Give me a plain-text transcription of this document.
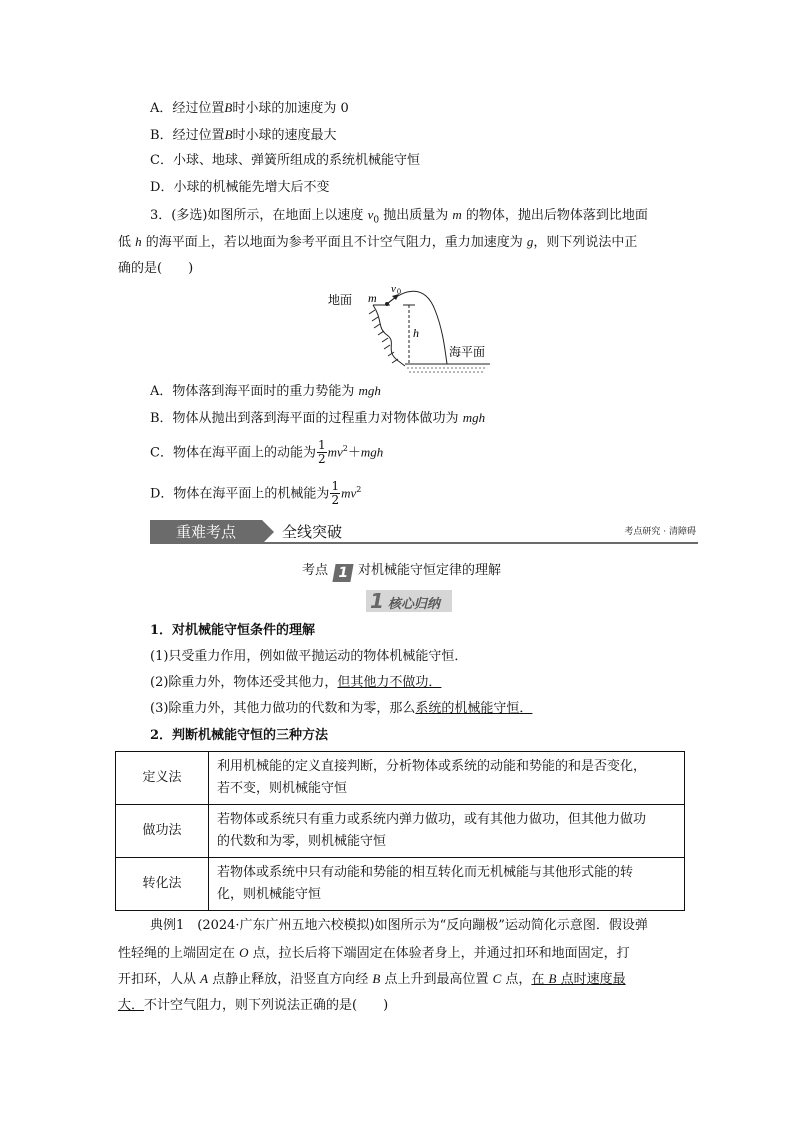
A．经过位置B时小球的加速度为 0
B．经过位置B时小球的速度最大
C．小球、地球、弹簧所组成的系统机械能守恒
D．小球的机械能先增大后不变
3．(多选)如图所示，在地面上以速度 $v_0$ 抛出质量为 m 的物体，抛出后物体落到比地面
低 h 的海平面上，若以地面为参考平面且不计空气阻力，重力加速度为 g，则下列说法中正
确的是(　　)
地面 m
v 0
h
海平面
A．物体落到海平面时的重力势能为 mgh
B．物体从抛出到落到海平面的过程重力对物体做功为 mgh
C．物体在海平面上的动能为 $\frac{1}{2} mv^2+mgh$
D．物体在海平面上的机械能为 $\frac{1}{2} mv^2$
重难考点	全线突破	考点研究 · 清障碍
考点 1 对机械能守恒定律的理解
1 核心归纳
1．对机械能守恒条件的理解
(1)只受重力作用，例如做平抛运动的物体机械能守恒．
(2)除重力外，物体还受其他力，但其他力不做功．
(3)除重力外，其他力做功的代数和为零，那么系统的机械能守恒．
2．判断机械能守恒的三种方法
定义法	利用机械能的定义直接判断，分析物体或系统的动能和势能的和是否变化，
若不变，则机械能守恒
做功法	若物体或系统只有重力或系统内弹力做功，或有其他力做功，但其他力做功
的代数和为零，则机械能守恒
转化法	若物体或系统中只有动能和势能的相互转化而无机械能与其他形式能的转
化，则机械能守恒
典例1　(2024·广东广州五地六校模拟)如图所示为“反向蹦极”运动简化示意图．假设弹
性轻绳的上端固定在 O 点，拉长后将下端固定在体验者身上，并通过扣环和地面固定，打
开扣环，人从 A 点静止释放，沿竖直方向经 B 点上升到最高位置 C 点，在 B 点时速度最
大．不计空气阻力，则下列说法正确的是(　　)
